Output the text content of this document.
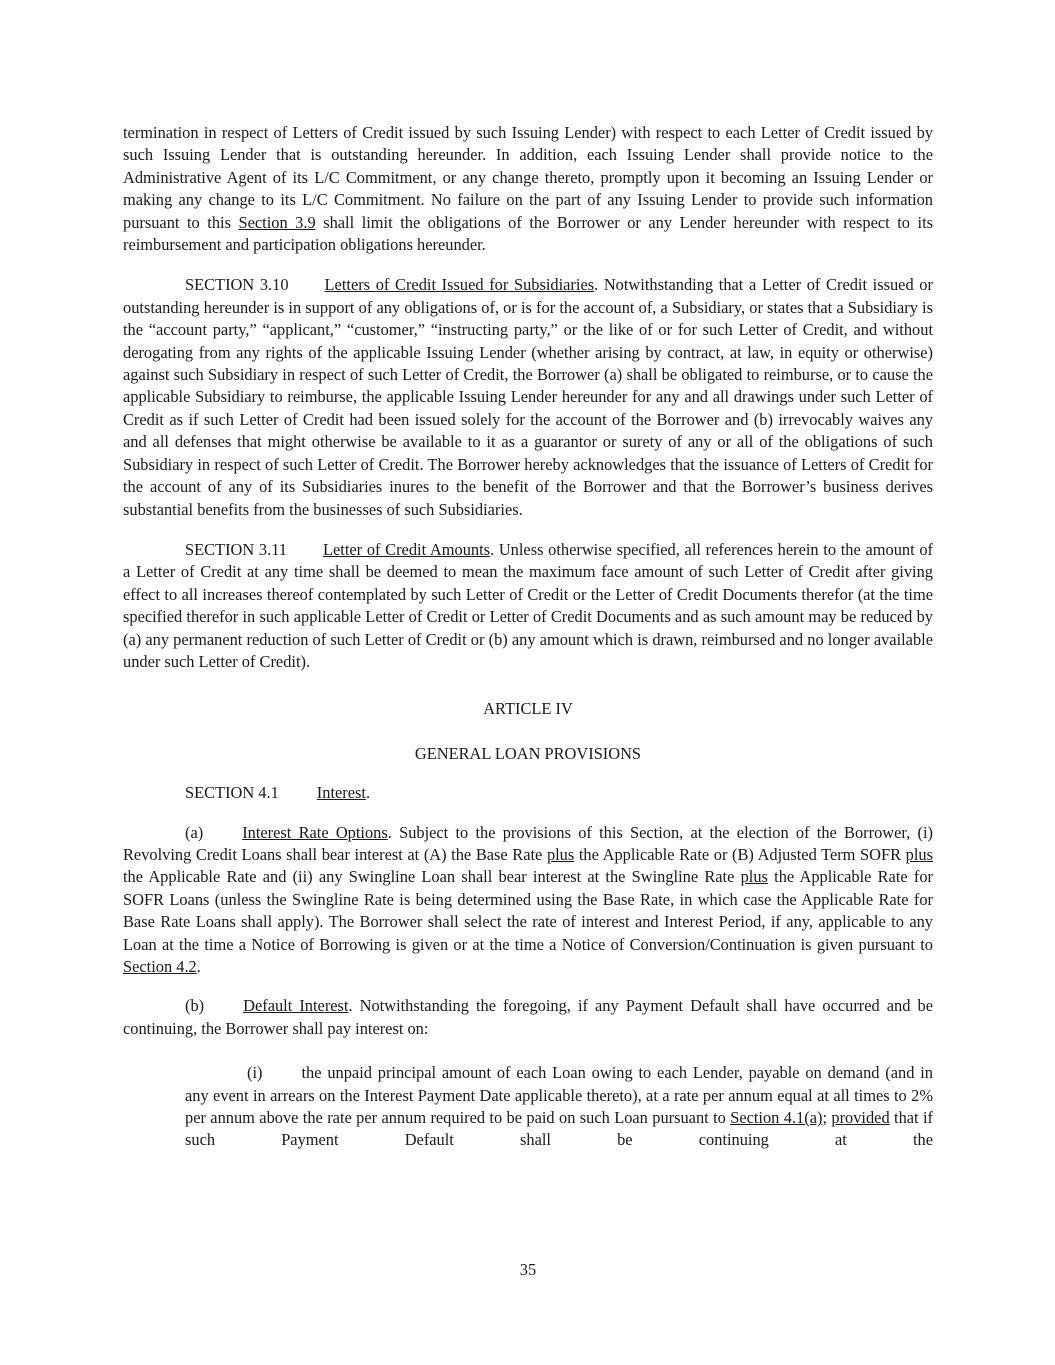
termination in respect of Letters of Credit issued by such Issuing Lender) with respect to each Letter of Credit issued by such Issuing Lender that is outstanding hereunder. In addition, each Issuing Lender shall provide notice to the Administrative Agent of its L/C Commitment, or any change thereto, promptly upon it becoming an Issuing Lender or making any change to its L/C Commitment. No failure on the part of any Issuing Lender to provide such information pursuant to this Section 3.9 shall limit the obligations of the Borrower or any Lender hereunder with respect to its reimbursement and participation obligations hereunder.

SECTION 3.10 Letters of Credit Issued for Subsidiaries. Notwithstanding that a Letter of Credit issued or outstanding hereunder is in support of any obligations of, or is for the account of, a Subsidiary, or states that a Subsidiary is the “account party,” “applicant,” “customer,” “instructing party,” or the like of or for such Letter of Credit, and without derogating from any rights of the applicable Issuing Lender (whether arising by contract, at law, in equity or otherwise) against such Subsidiary in respect of such Letter of Credit, the Borrower (a) shall be obligated to reimburse, or to cause the applicable Subsidiary to reimburse, the applicable Issuing Lender hereunder for any and all drawings under such Letter of Credit as if such Letter of Credit had been issued solely for the account of the Borrower and (b) irrevocably waives any and all defenses that might otherwise be available to it as a guarantor or surety of any or all of the obligations of such Subsidiary in respect of such Letter of Credit. The Borrower hereby acknowledges that the issuance of Letters of Credit for the account of any of its Subsidiaries inures to the benefit of the Borrower and that the Borrower’s business derives substantial benefits from the businesses of such Subsidiaries.

SECTION 3.11 Letter of Credit Amounts. Unless otherwise specified, all references herein to the amount of a Letter of Credit at any time shall be deemed to mean the maximum face amount of such Letter of Credit after giving effect to all increases thereof contemplated by such Letter of Credit or the Letter of Credit Documents therefor (at the time specified therefor in such applicable Letter of Credit or Letter of Credit Documents and as such amount may be reduced by (a) any permanent reduction of such Letter of Credit or (b) any amount which is drawn, reimbursed and no longer available under such Letter of Credit).

ARTICLE IV

GENERAL LOAN PROVISIONS

SECTION 4.1 Interest.

(a) Interest Rate Options. Subject to the provisions of this Section, at the election of the Borrower, (i) Revolving Credit Loans shall bear interest at (A) the Base Rate plus the Applicable Rate or (B) Adjusted Term SOFR plus the Applicable Rate and (ii) any Swingline Loan shall bear interest at the Swingline Rate plus the Applicable Rate for SOFR Loans (unless the Swingline Rate is being determined using the Base Rate, in which case the Applicable Rate for Base Rate Loans shall apply). The Borrower shall select the rate of interest and Interest Period, if any, applicable to any Loan at the time a Notice of Borrowing is given or at the time a Notice of Conversion/Continuation is given pursuant to Section 4.2.

(b) Default Interest. Notwithstanding the foregoing, if any Payment Default shall have occurred and be continuing, the Borrower shall pay interest on:

(i) the unpaid principal amount of each Loan owing to each Lender, payable on demand (and in any event in arrears on the Interest Payment Date applicable thereto), at a rate per annum equal at all times to 2% per annum above the rate per annum required to be paid on such Loan pursuant to Section 4.1(a); provided that if such Payment Default shall be continuing at the

35
